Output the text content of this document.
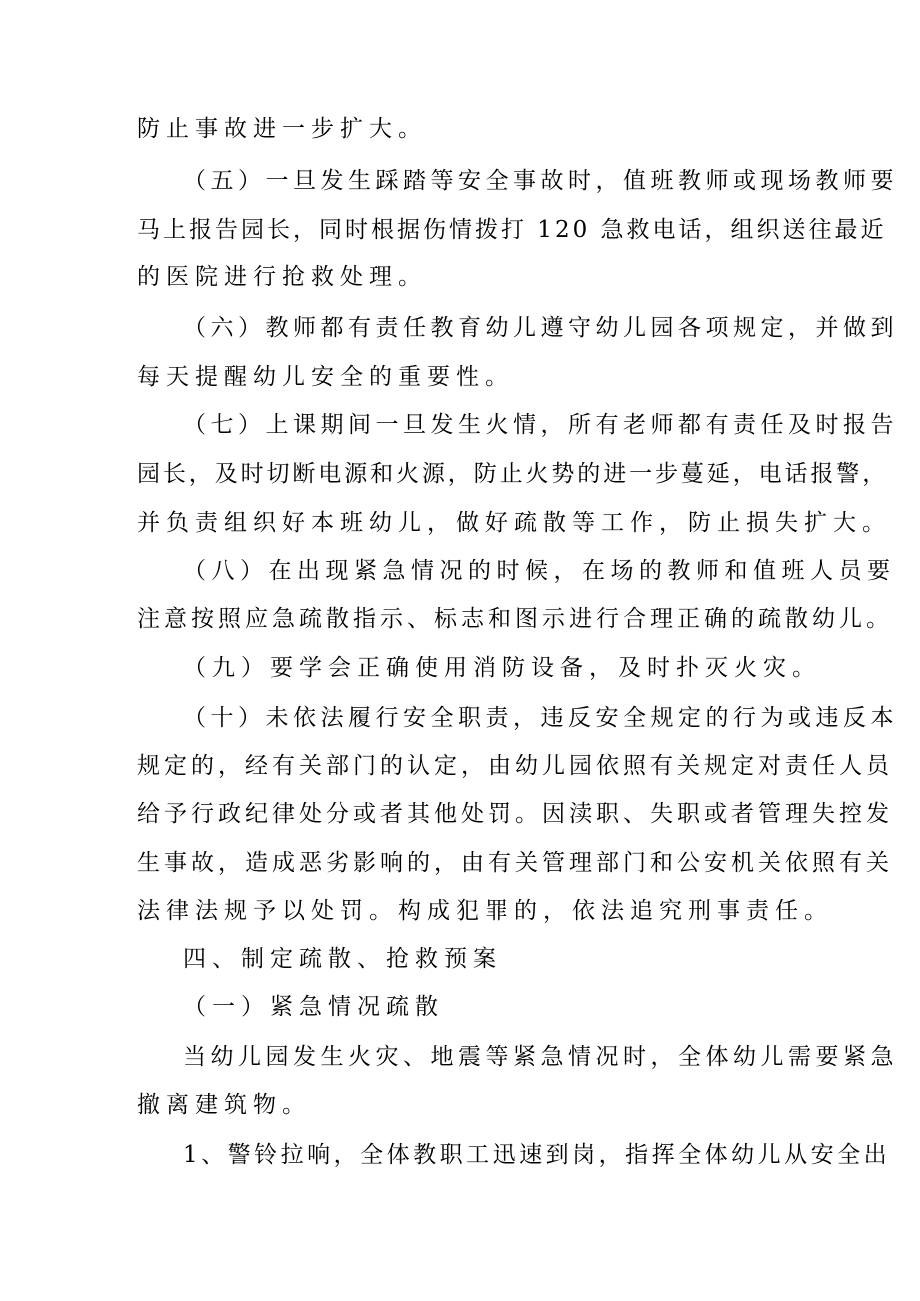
防止事故进一步扩大。
（五）一旦发生踩踏等安全事故时，值班教师或现场教师要
马上报告园长，同时根据伤情拨打 120 急救电话，组织送往最近
的医院进行抢救处理。
（六）教师都有责任教育幼儿遵守幼儿园各项规定，并做到
每天提醒幼儿安全的重要性。
（七）上课期间一旦发生火情，所有老师都有责任及时报告
园长，及时切断电源和火源，防止火势的进一步蔓延，电话报警，
并负责组织好本班幼儿，做好疏散等工作，防止损失扩大。
（八）在出现紧急情况的时候，在场的教师和值班人员要
注意按照应急疏散指示、标志和图示进行合理正确的疏散幼儿。
（九）要学会正确使用消防设备，及时扑灭火灾。
（十）未依法履行安全职责，违反安全规定的行为或违反本
规定的，经有关部门的认定，由幼儿园依照有关规定对责任人员
给予行政纪律处分或者其他处罚。因渎职、失职或者管理失控发
生事故，造成恶劣影响的，由有关管理部门和公安机关依照有关
法律法规予以处罚。构成犯罪的，依法追究刑事责任。
四、制定疏散、抢救预案
（一）紧急情况疏散
当幼儿园发生火灾、地震等紧急情况时，全体幼儿需要紧急
撤离建筑物。
1、警铃拉响，全体教职工迅速到岗，指挥全体幼儿从安全出
